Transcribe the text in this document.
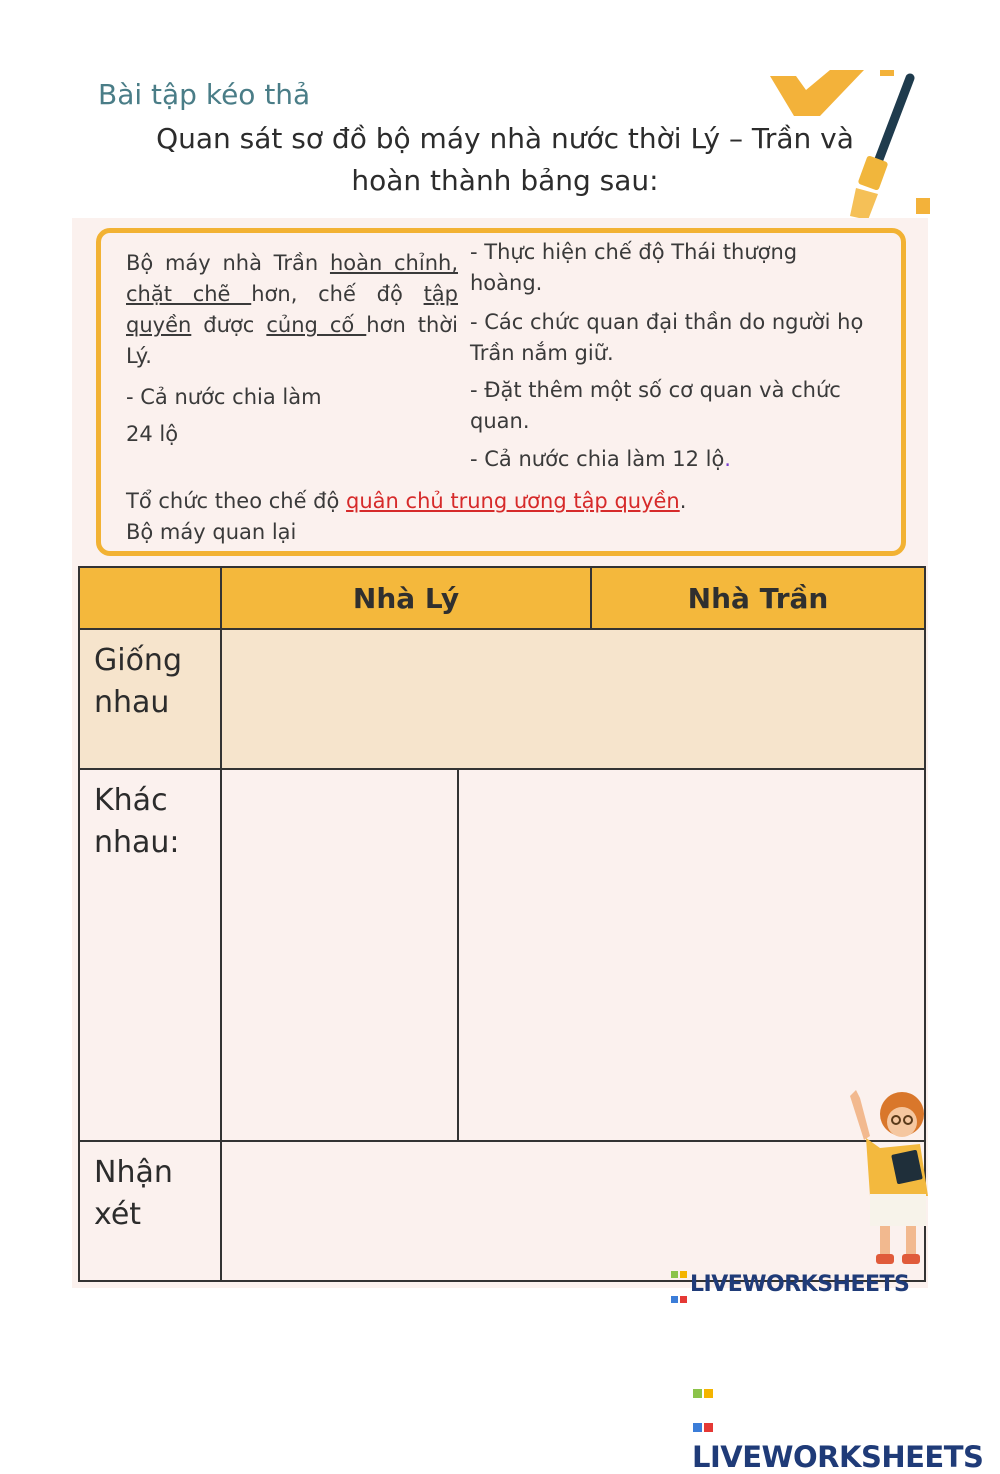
Bài tập kéo thả
Quan sát sơ đồ bộ máy nhà nước thời Lý – Trần và
hoàn thành bảng sau:
Bộ máy nhà Trần hoàn chỉnh, chặt chẽ hơn, chế độ tập quyền được củng cố hơn thời Lý.
- Cả nước chia làm
24 lộ
- Thực hiện chế độ Thái thượng hoàng.
- Các chức quan đại thần do người họ Trần nắm giữ.
- Đặt thêm một số cơ quan và chức quan.
- Cả nước chia làm 12 lộ.
Tổ chức theo chế độ quân chủ trung ương tập quyền.
Bộ máy quan lại
	Nhà Lý		Nhà Trần
Giống nhau			
Khác nhau:			
Nhận xét			

LIVEWORKSHEETS

LIVEWORKSHEETS
